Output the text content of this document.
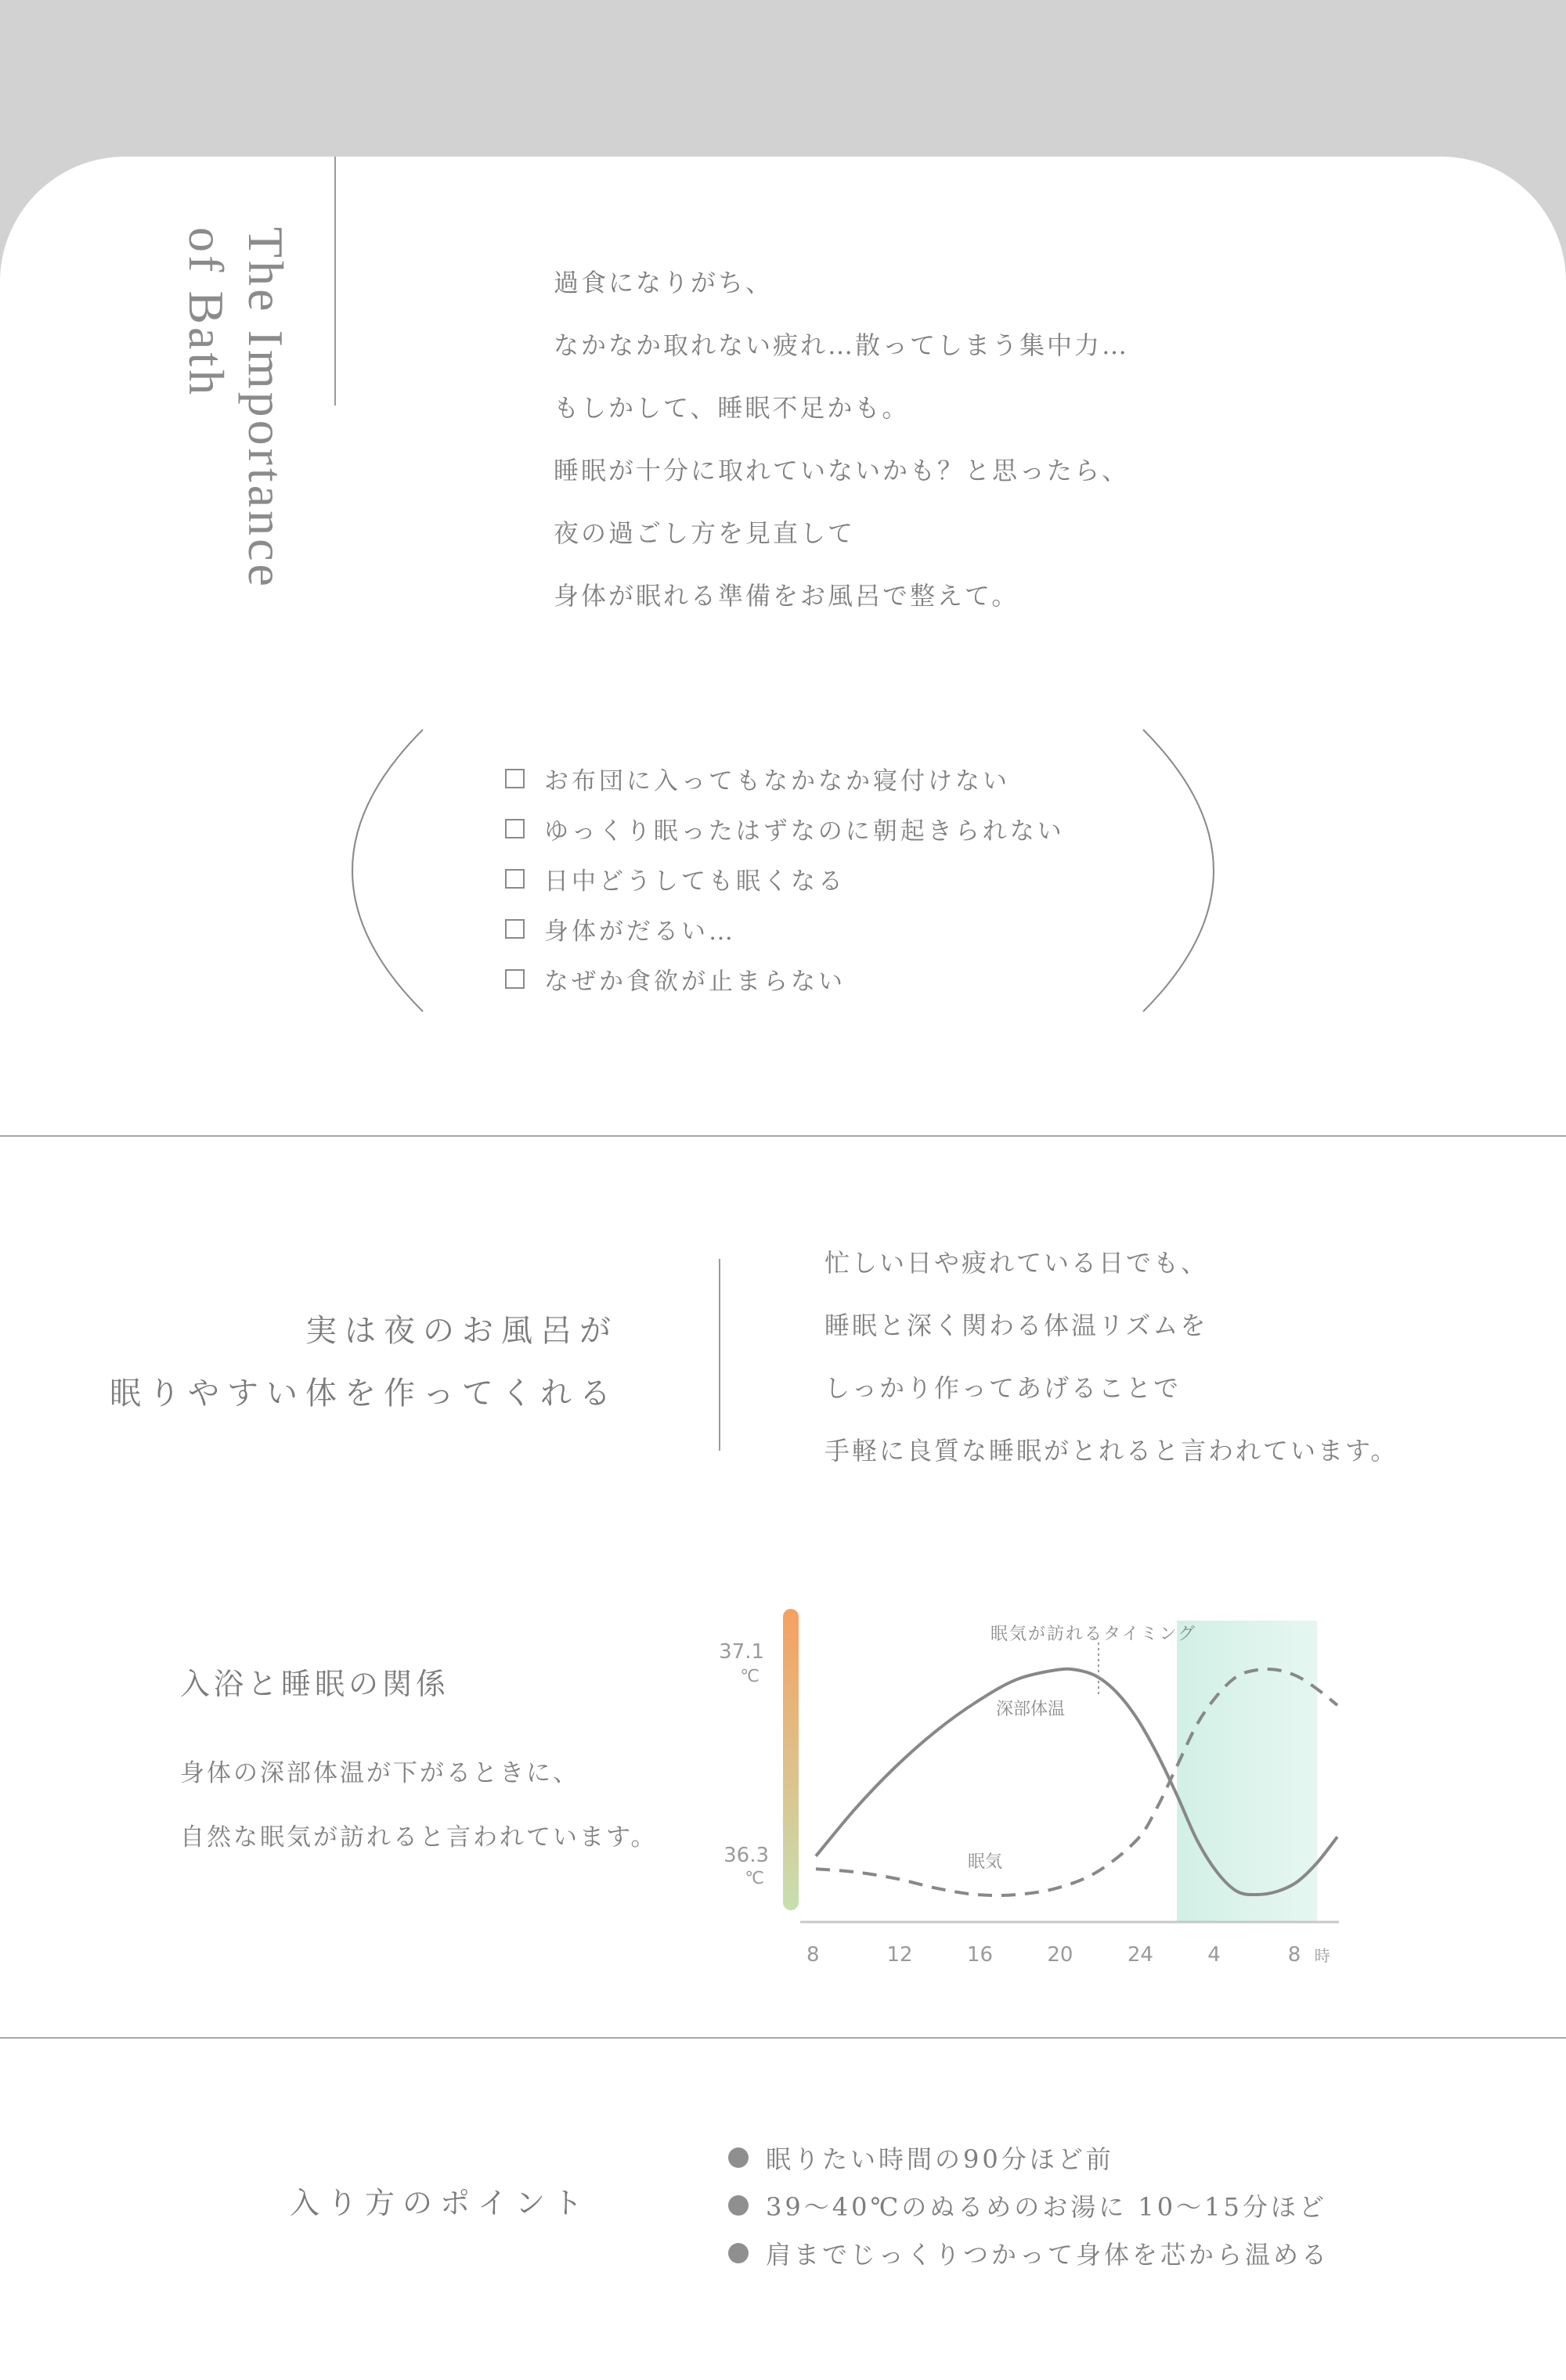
The Importance
of Bath	過食になりがち、

なかなか取れない疲れ…散ってしまう集中力…

もしかして、睡眠不足かも。

睡眠が十分に取れていないかも？と思ったら、

夜の過ごし方を見直して

身体が眠れる準備をお風呂で整えて。

お布団に入ってもなかなか寝付けない
ゆっくり眠ったはずなのに朝起きられない
日中どうしても眠くなる
身体がだるい…
なぜか食欲が止まらない

実は夜のお風呂が

眠りやすい体を作ってくれる

忙しい日や疲れている日でも、

睡眠と深く関わる体温リズムを

しっかり作ってあげることで

手軽に良質な睡眠がとれると言われています。

入浴と睡眠の関係

身体の深部体温が下がるときに、

自然な眠気が訪れると言われています。

8	12	16	20	24	4	8 時
37.1
℃
36.3
℃
深部体温
眠気
眠気が訪れるタイミング
入り方のポイント
眠りたい時間の90分ほど前
39〜40℃のぬるめのお湯に 10〜15分ほど
肩までじっくりつかって身体を芯から温める
